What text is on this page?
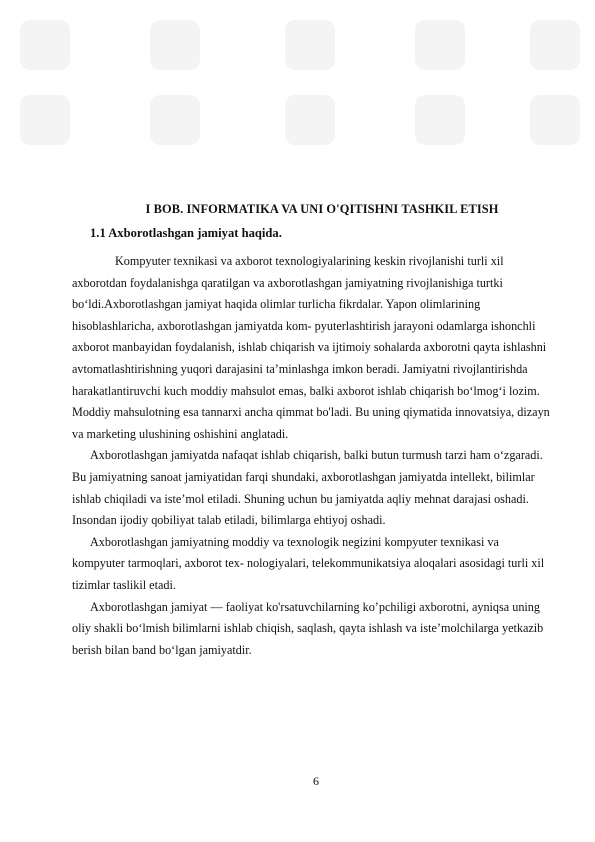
I BOB. INFORMATIKA VA UNI O'QITISHNI TASHKIL ETISH
1.1 Axborotlashgan jamiyat haqida.

Kompyuter texnikasi va axborot texnologiyalarining keskin rivojlanishi turli xil axborotdan foydalanishga qaratilgan va axborotlashgan jamiyatning rivojlanishiga turtki bo‘ldi.Axborotlashgan jamiyat haqida olimlar turlicha fikrdalar. Yapon olimlarining hisoblashlaricha, axborotlashgan jamiyatda kom- pyuterlashtirish jarayoni odamlarga ishonchli axborot manbayidan foydalanish, ishlab chiqarish va ijtimoiy sohalarda axborotni qayta ishlashni avtomatlashtirishning yuqori darajasini ta’minlashga imkon beradi. Jamiyatni rivojlantirishda harakatlantiruvchi kuch moddiy mahsulot emas, balki axborot ishlab chiqarish bo‘lmog‘i lozim. Moddiy mahsulotning esa tannarxi ancha qimmat bo'ladi. Bu uning qiymatida innovatsiya, dizayn va marketing ulushining oshishini anglatadi.

Axborotlashgan jamiyatda nafaqat ishlab chiqarish, balki butun turmush tarzi ham o‘zgaradi. Bu jamiyatning sanoat jamiyatidan farqi shundaki, axborotlashgan jamiyatda intellekt, bilimlar ishlab chiqiladi va iste’mol etiladi. Shuning uchun bu jamiyatda aqliy mehnat darajasi oshadi. Insondan ijodiy qobiliyat talab etiladi, bilimlarga ehtiyoj oshadi.

Axborotlashgan jamiyatning moddiy va texnologik negizini kompyuter texnikasi va kompyuter tarmoqlari, axborot tex- nologiyalari, telekommunikatsiya aloqalari asosidagi turli xil tizimlar taslikil etadi.

Axborotlashgan jamiyat — faoliyat ko'rsatuvchilarning ko’pchiligi axborotni, ayniqsa uning oliy shakli bo‘lmish bilimlarni ishlab chiqish, saqlash, qayta ishlash va iste’molchilarga yetkazib berish bilan band bo‘lgan jamiyatdir.

6
